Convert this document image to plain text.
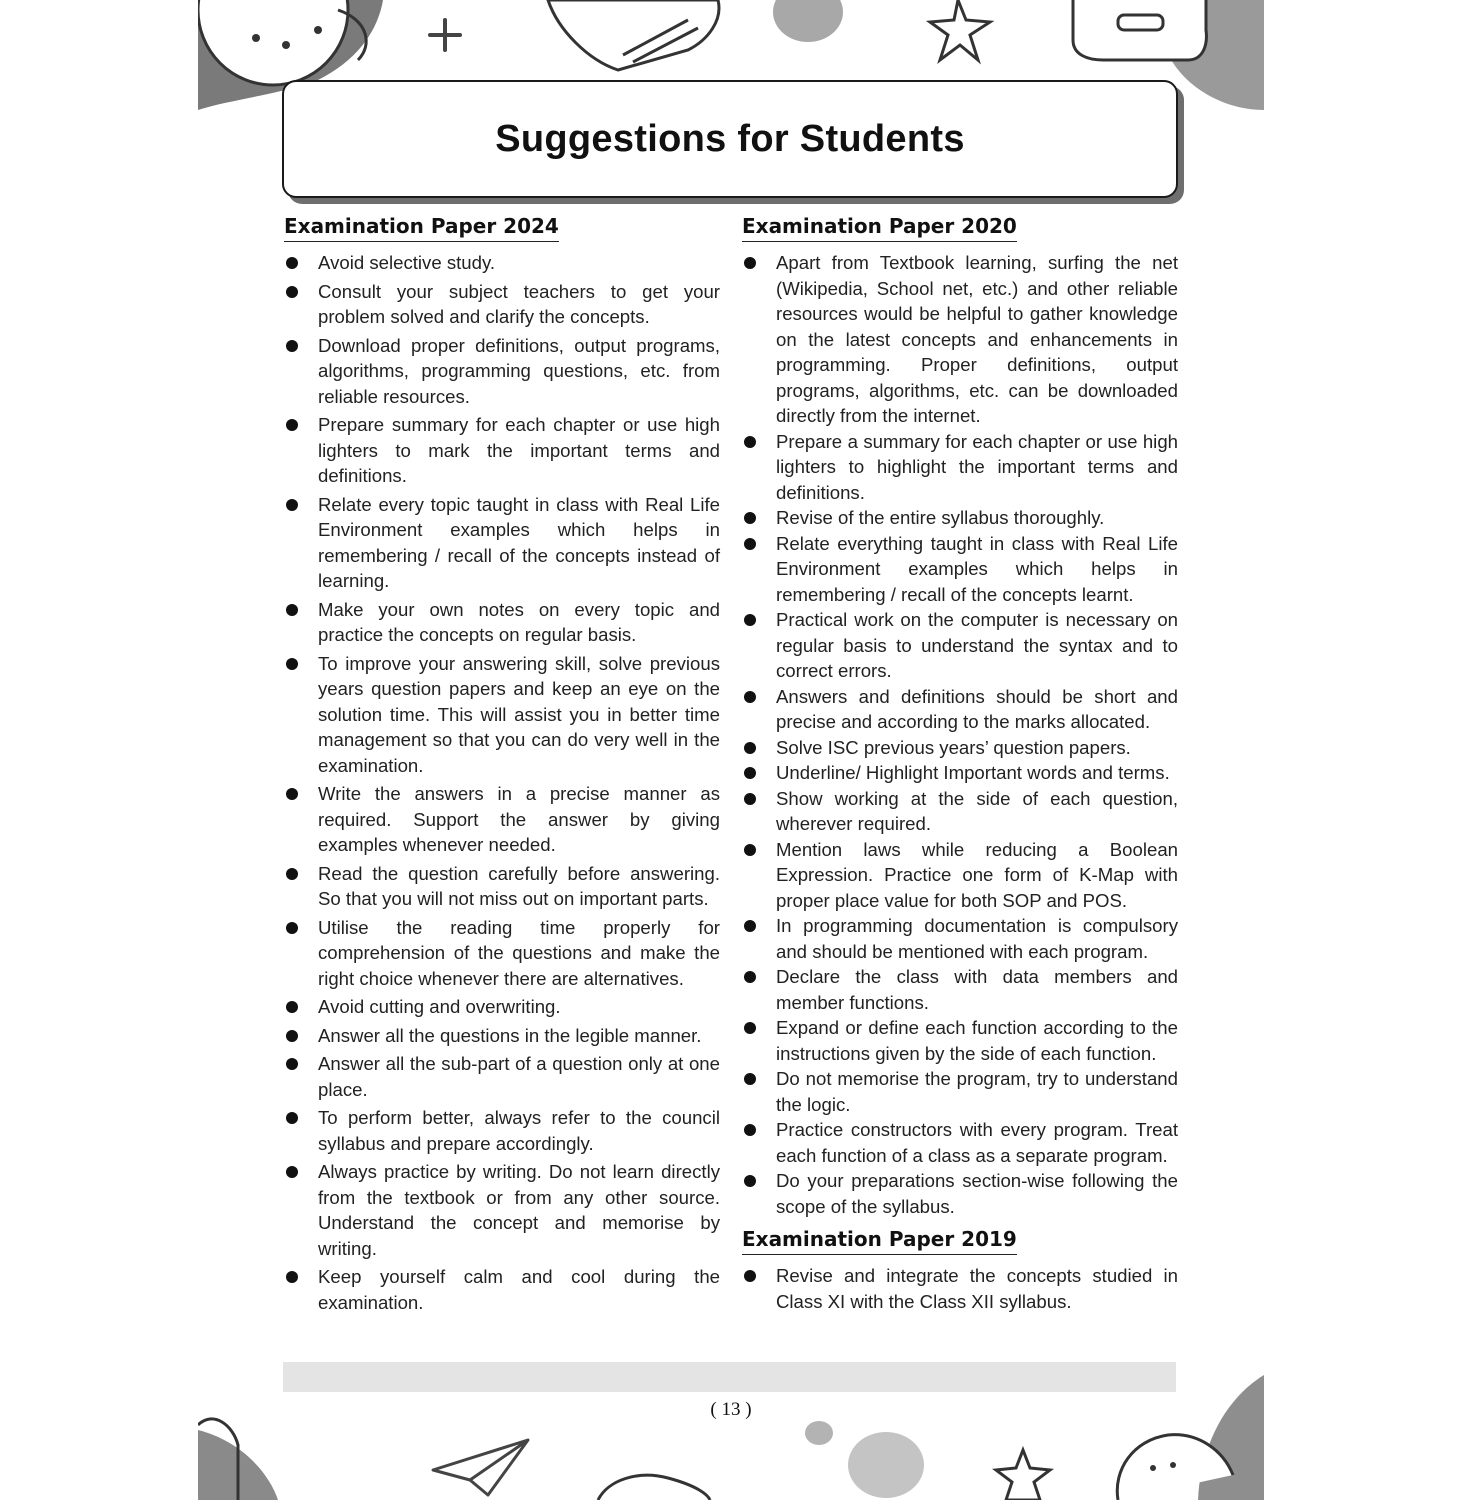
Suggestions for Students
Examination Paper 2024
Avoid selective study.
Consult your subject teachers to get your problem solved and clarify the concepts.
Download proper definitions, output programs, algorithms, programming questions, etc. from reliable resources.
Prepare summary for each chapter or use high lighters to mark the important terms and definitions.
Relate every topic taught in class with Real Life Environment examples which helps in remembering / recall of the concepts instead of learning.
Make your own notes on every topic and practice the concepts on regular basis.
To improve your answering skill, solve previous years question papers and keep an eye on the solution time. This will assist you in better time management so that you can do very well in the examination.
Write the answers in a precise manner as required. Support the answer by giving examples whenever needed.
Read the question carefully before answering. So that you will not miss out on important parts.
Utilise the reading time properly for comprehension of the questions and make the right choice whenever there are alternatives.
Avoid cutting and overwriting.
Answer all the questions in the legible manner.
Answer all the sub-part of a question only at one place.
To perform better, always refer to the council syllabus and prepare accordingly.
Always practice by writing. Do not learn directly from the textbook or from any other source. Understand the concept and memorise by writing.
Keep yourself calm and cool during the examination.
Examination Paper 2020
Apart from Textbook learning, surfing the net (Wikipedia, School net, etc.) and other reliable resources would be helpful to gather knowledge on the latest concepts and enhancements in programming. Proper definitions, output programs, algorithms, etc. can be downloaded directly from the internet.
Prepare a summary for each chapter or use high lighters to highlight the important terms and definitions.
Revise of the entire syllabus thoroughly.
Relate everything taught in class with Real Life Environment examples which helps in remembering / recall of the concepts learnt.
Practical work on the computer is necessary on regular basis to understand the syntax and to correct errors.
Answers and definitions should be short and precise and according to the marks allocated.
Solve ISC previous years’ question papers.
Underline/ Highlight Important words and terms.
Show working at the side of each question, wherever required.
Mention laws while reducing a Boolean Expression. Practice one form of K-Map with proper place value for both SOP and POS.
In programming documentation is compulsory and should be mentioned with each program.
Declare the class with data members and member functions.
Expand or define each function according to the instructions given by the side of each function.
Do not memorise the program, try to understand the logic.
Practice constructors with every program. Treat each function of a class as a separate program.
Do your preparations section-wise following the scope of the syllabus.
Examination Paper 2019
Revise and integrate the concepts studied in Class XI with the Class XII syllabus.
( 13 )
